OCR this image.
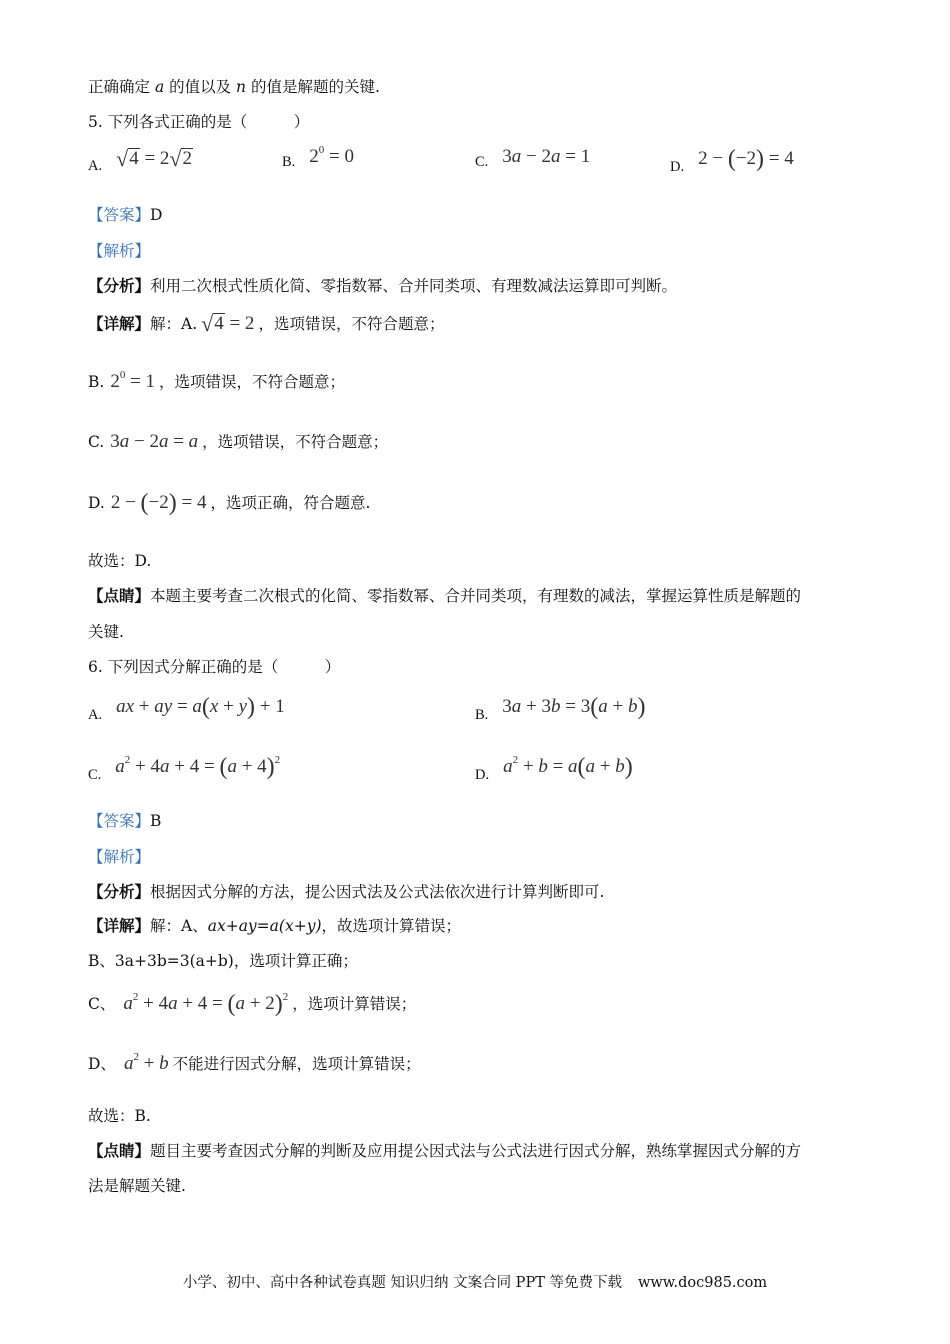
正确确定 a 的值以及 n 的值是解题的关键.
5. 下列各式正确的是（　　　）
A. √4 = 2√2	B. $2^0 = 0$	C. 3a − 2a = 1	D. 2 − (−2) = 4
【答案】D
【解析】
【分析】利用二次根式性质化简、零指数幂、合并同类项、有理数减法运算即可判断。
【详解】 解：A. √4 = 2 ，选项错误，不符合题意；
B. $2^0 = 1$ ，选项错误，不符合题意；
C. 3a − 2a = a ，选项错误，不符合题意；
D. 2 − (−2) = 4 ，选项正确，符合题意.
故选：D.
【点睛】本题主要考查二次根式的化简、零指数幂、合并同类项，有理数的减法，掌握运算性质是解题的
关键.
6. 下列因式分解正确的是（　　　）
A. ax + ay = a(x + y) + 1	B. 3a + 3b = 3(a + b)
C. $a^2 + 4a + 4 = (a + 4)^2$
D. $a^2 + b = a(a + b)$
【答案】B
【解析】
【分析】根据因式分解的方法，提公因式法及公式法依次进行计算判断即可.
【详解】解：A、ax+ay=a(x+y)，故选项计算错误；
B、3a+3b=3(a+b)，选项计算正确；
C、 $a^2 + 4a + 4 = (a + 2)^2$ ，选项计算错误；
D、 $a^2 + b$ 不能进行因式分解，选项计算错误；
故选：B.
【点睛】题目主要考查因式分解的判断及应用提公因式法与公式法进行因式分解，熟练掌握因式分解的方
法是解题关键.
小学、初中、高中各种试卷真题 知识归纳 文案合同 PPT 等免费下载 www.doc985.com
